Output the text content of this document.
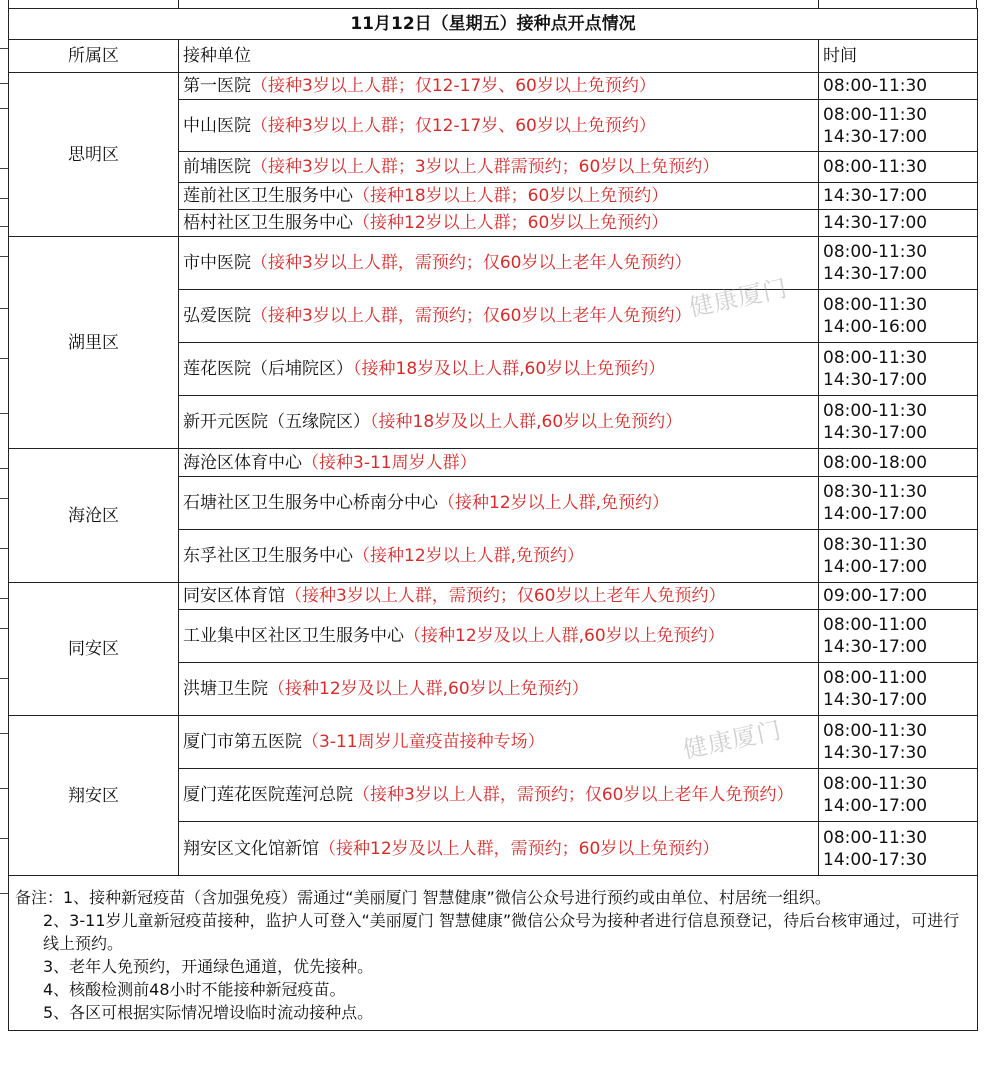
11月12日（星期五）接种点开点情况		
所属区	接种单位	时间
思明区	第一医院（接种3岁以上人群；仅12-17岁、60岁以上免预约）	08:00-11:30

	中山医院（接种3岁以上人群；仅12-17岁、60岁以上免预约）	08:00-11:30
14:30-17:00

	前埔医院（接种3岁以上人群；3岁以上人群需预约；60岁以上免预约）	08:00-11:30

	莲前社区卫生服务中心（接种18岁以上人群；60岁以上免预约）	14:30-17:00

	梧村社区卫生服务中心（接种12岁以上人群；60岁以上免预约）	14:30-17:00

湖里区	市中医院（接种3岁以上人群，需预约；仅60岁以上老年人免预约）	08:00-11:30
14:30-17:00

	弘爱医院（接种3岁以上人群，需预约；仅60岁以上老年人免预约）	08:00-11:30
14:00-16:00

	莲花医院（后埔院区）（接种18岁及以上人群,60岁以上免预约）	08:00-11:30
14:30-17:00

	新开元医院（五缘院区）（接种18岁及以上人群,60岁以上免预约）	08:00-11:30
14:30-17:00

海沧区	海沧区体育中心（接种3-11周岁人群）	08:00-18:00

	石塘社区卫生服务中心桥南分中心（接种12岁以上人群,免预约）	08:30-11:30
14:00-17:00

	东孚社区卫生服务中心（接种12岁以上人群,免预约）	08:30-11:30
14:00-17:00

同安区	同安区体育馆（接种3岁以上人群，需预约；仅60岁以上老年人免预约）	09:00-17:00

	工业集中区社区卫生服务中心（接种12岁及以上人群,60岁以上免预约）	08:00-11:00
14:30-17:00

	洪塘卫生院（接种12岁及以上人群,60岁以上免预约）	08:00-11:00
14:30-17:00

翔安区	厦门市第五医院（3-11周岁儿童疫苗接种专场）	08:00-11:30
14:30-17:30

	厦门莲花医院莲河总院（接种3岁以上人群，需预约；仅60岁以上老年人免预约）	08:00-11:30
14:00-17:00

	翔安区文化馆新馆（接种12岁及以上人群，需预约；60岁以上免预约）	08:00-11:30
14:00-17:30

备注：1、接种新冠疫苗（含加强免疫）需通过“美丽厦门 智慧健康”微信公众号进行预约或由单位、村居统一组织。

2、3-11岁儿童新冠疫苗接种，监护人可登入“美丽厦门 智慧健康”微信公众号为接种者进行信息预登记，待后台核审通过，可进行线上预约。

3、老年人免预约，开通绿色通道，优先接种。

4、核酸检测前48小时不能接种新冠疫苗。

5、各区可根据实际情况增设临时流动接种点。		

健康厦门
健康厦门
